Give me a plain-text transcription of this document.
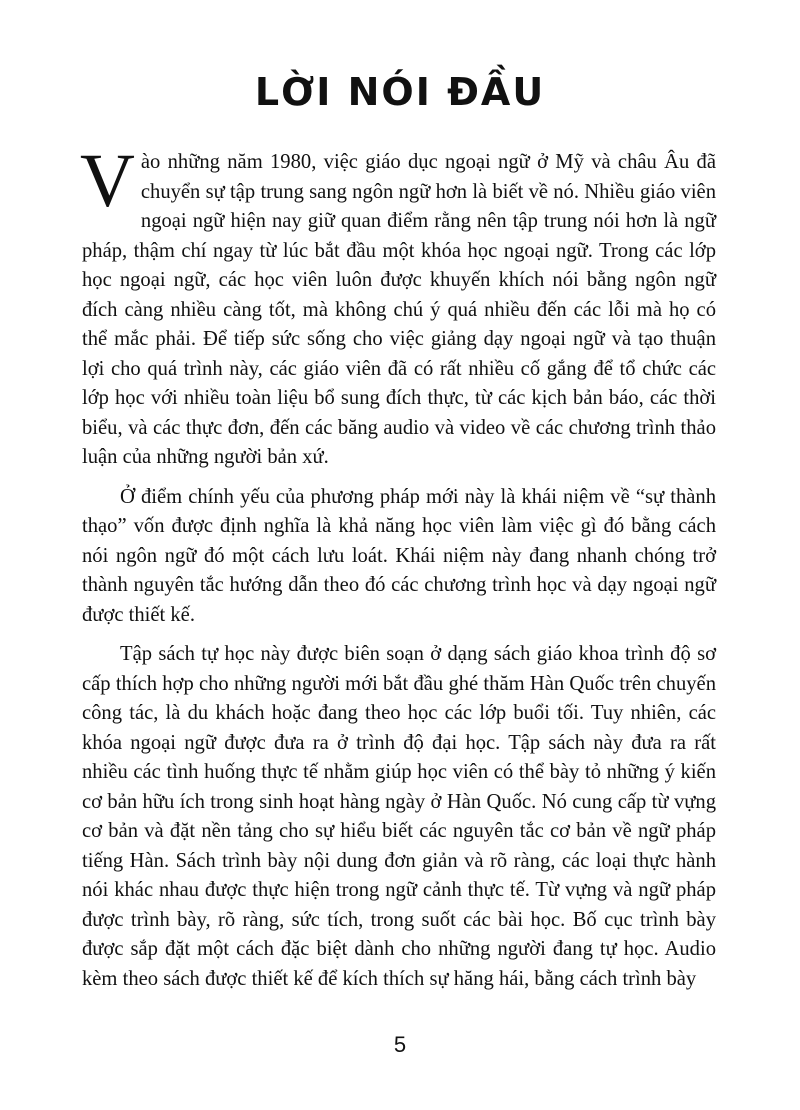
LỜI NÓI ĐẦU

Vào những năm 1980, việc giáo dục ngoại ngữ ở Mỹ và châu Âu đã chuyển sự tập trung sang ngôn ngữ hơn là biết về nó. Nhiều giáo viên ngoại ngữ hiện nay giữ quan điểm rằng nên tập trung nói hơn là ngữ pháp, thậm chí ngay từ lúc bắt đầu một khóa học ngoại ngữ. Trong các lớp học ngoại ngữ, các học viên luôn được khuyến khích nói bằng ngôn ngữ đích càng nhiều càng tốt, mà không chú ý quá nhiều đến các lỗi mà họ có thể mắc phải. Để tiếp sức sống cho việc giảng dạy ngoại ngữ và tạo thuận lợi cho quá trình này, các giáo viên đã có rất nhiều cố gắng để tổ chức các lớp học với nhiều toàn liệu bổ sung đích thực, từ các kịch bản báo, các thời biểu, và các thực đơn, đến các băng audio và video về các chương trình thảo luận của những người bản xứ.

Ở điểm chính yếu của phương pháp mới này là khái niệm về “sự thành thạo” vốn được định nghĩa là khả năng học viên làm việc gì đó bằng cách nói ngôn ngữ đó một cách lưu loát. Khái niệm này đang nhanh chóng trở thành nguyên tắc hướng dẫn theo đó các chương trình học và dạy ngoại ngữ được thiết kế.

Tập sách tự học này được biên soạn ở dạng sách giáo khoa trình độ sơ cấp thích hợp cho những người mới bắt đầu ghé thăm Hàn Quốc trên chuyến công tác, là du khách hoặc đang theo học các lớp buổi tối. Tuy nhiên, các khóa ngoại ngữ được đưa ra ở trình độ đại học. Tập sách này đưa ra rất nhiều các tình huống thực tế nhằm giúp học viên có thể bày tỏ những ý kiến cơ bản hữu ích trong sinh hoạt hàng ngày ở Hàn Quốc. Nó cung cấp từ vựng cơ bản và đặt nền tảng cho sự hiểu biết các nguyên tắc cơ bản về ngữ pháp tiếng Hàn. Sách trình bày nội dung đơn giản và rõ ràng, các loại thực hành nói khác nhau được thực hiện trong ngữ cảnh thực tế. Từ vựng và ngữ pháp được trình bày, rõ ràng, sức tích, trong suốt các bài học. Bố cục trình bày được sắp đặt một cách đặc biệt dành cho những người đang tự học. Audio kèm theo sách được thiết kế để kích thích sự hăng hái, bằng cách trình bày

5
